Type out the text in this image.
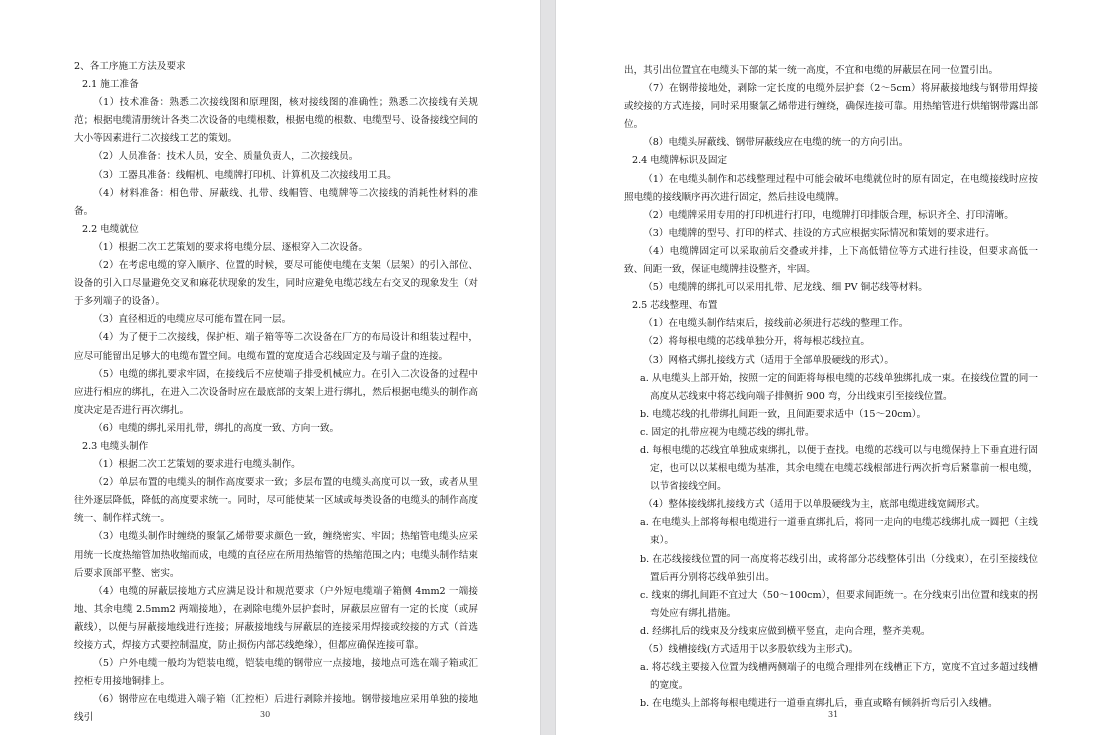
2、各工序施工方法及要求

2.1 施工准备

（1）技术准备：熟悉二次接线图和原理图，核对接线图的准确性；熟悉二次接线有关规范；根据电缆清册统计各类二次设备的电缆根数，根据电缆的根数、电缆型号、设备接线空间的大小等因素进行二次接线工艺的策划。

（2）人员准备：技术人员，安全、质量负责人，二次接线员。

（3）工器具准备：线帽机、电缆牌打印机、计算机及二次接线用工具。

（4）材料准备：相色带、屏蔽线、扎带、线帽管、电缆牌等二次接线的消耗性材料的准备。

2.2 电缆就位

（1）根据二次工艺策划的要求将电缆分层、逐根穿入二次设备。

（2）在考虑电缆的穿入顺序、位置的时候，要尽可能使电缆在支架（层架）的引入部位、设备的引入口尽量避免交叉和麻花状现象的发生，同时应避免电缆芯线左右交叉的现象发生（对于多列端子的设备）。

（3）直径相近的电缆应尽可能布置在同一层。

（4）为了便于二次接线，保护柜、端子箱等等二次设备在厂方的布局设计和组装过程中，应尽可能留出足够大的电缆布置空间。电缆布置的宽度适合芯线固定及与端子盘的连接。

（5）电缆的绑扎要求牢固，在接线后不应使端子排受机械应力。在引入二次设备的过程中应进行相应的绑扎，在进入二次设备时应在最底部的支架上进行绑扎，然后根据电缆头的制作高度决定是否进行再次绑扎。

（6）电缆的绑扎采用扎带，绑扎的高度一致、方向一致。

2.3 电缆头制作

（1）根据二次工艺策划的要求进行电缆头制作。

（2）单层布置的电缆头的制作高度要求一致；多层布置的电缆头高度可以一致，或者从里往外逐层降低，降低的高度要求统一。同时，尽可能使某一区域或每类设备的电缆头的制作高度统一、制作样式统一。

（3）电缆头制作时缠绕的聚氯乙烯带要求颜色一致，缠绕密实、牢固；热缩管电缆头应采用统一长度热缩管加热收缩而成，电缆的直径应在所用热缩管的热缩范围之内；电缆头制作结束后要求顶部平整、密实。

（4）电缆的屏蔽层接地方式应满足设计和规范要求（户外短电缆端子箱侧 4mm2 一端接地、其余电缆 2.5mm2 两端接地），在剥除电缆外层护套时，屏蔽层应留有一定的长度（或屏蔽线），以便与屏蔽接地线进行连接；屏蔽接地线与屏蔽层的连接采用焊接或绞接的方式（首选绞接方式，焊接方式要控制温度，防止损伤内部芯线绝缘），但都应确保连接可靠。

（5）户外电缆一般均为铠装电缆，铠装电缆的钢带应一点接地，接地点可选在端子箱或汇控柜专用接地铜排上。

（6）钢带应在电缆进入端子箱（汇控柜）后进行剥除并接地。钢带接地应采用单独的接地线引	30

出，其引出位置宜在电缆头下部的某一统一高度，不宜和电缆的屏蔽层在同一位置引出。

（7）在钢带接地处，剥除一定长度的电缆外层护套（2～5cm）将屏蔽接地线与钢带用焊接或绞接的方式连接，同时采用聚氯乙烯带进行缠绕，确保连接可靠。用热缩管进行烘缩钢带露出部位。

（8）电缆头屏蔽线、钢带屏蔽线应在电缆的统一的方向引出。

2.4 电缆牌标识及固定

（1）在电缆头制作和芯线整理过程中可能会破坏电缆就位时的原有固定，在电缆接线时应按照电缆的接线顺序再次进行固定，然后挂设电缆牌。

（2）电缆牌采用专用的打印机进行打印，电缆牌打印排版合理，标识齐全、打印清晰。

（3）电缆牌的型号、打印的样式、挂设的方式应根据实际情况和策划的要求进行。

（4）电缆牌固定可以采取前后交叠或并排，上下高低错位等方式进行挂设，但要求高低一致、间距一致，保证电缆牌挂设整齐，牢固。

（5）电缆牌的绑扎可以采用扎带、尼龙线、细 PV 铜芯线等材料。

2.5 芯线整理、布置

（1）在电缆头制作结束后，接线前必须进行芯线的整理工作。

（2）将每根电缆的芯线单独分开，将每根芯线拉直。

（3）网格式绑扎接线方式（适用于全部单股硬线的形式）。

a. 从电缆头上部开始，按照一定的间距将每根电缆的芯线单独绑扎成一束。在接线位置的同一高度从芯线束中将芯线向端子排侧折 900 弯，分出线束引至接线位置。

b. 电缆芯线的扎带绑扎间距一致，且间距要求适中（15～20cm）。

c. 固定的扎带应视为电缆芯线的绑扎带。

d. 每根电缆的芯线宜单独成束绑扎，以便于查找。电缆的芯线可以与电缆保持上下垂直进行固定，也可以以某根电缆为基准，其余电缆在电缆芯线根部进行两次折弯后紧靠前一根电缆，以节省接线空间。

（4）整体接线绑扎接线方式（适用于以单股硬线为主，底部电缆进线宽阔形式。

a. 在电缆头上部将每根电缆进行一道垂直绑扎后，将同一走向的电缆芯线绑扎成一圆把（主线束）。

b. 在芯线接线位置的同一高度将芯线引出，或将部分芯线整体引出（分线束），在引至接线位置后再分别将芯线单独引出。

c. 线束的绑扎间距不宜过大（50～100cm），但要求间距统一。在分线束引出位置和线束的拐弯处应有绑扎措施。

d. 经绑扎后的线束及分线束应做到横平竖直，走向合理，整齐美观。

（5）线槽接线(方式适用于以多股软线为主形式)。

a. 将芯线主要接入位置为线槽两侧端子的电缆合理排列在线槽正下方，宽度不宜过多超过线槽的宽度。

b. 在电缆头上部将每根电缆进行一道垂直绑扎后，垂直或略有倾斜折弯后引入线槽。

31
